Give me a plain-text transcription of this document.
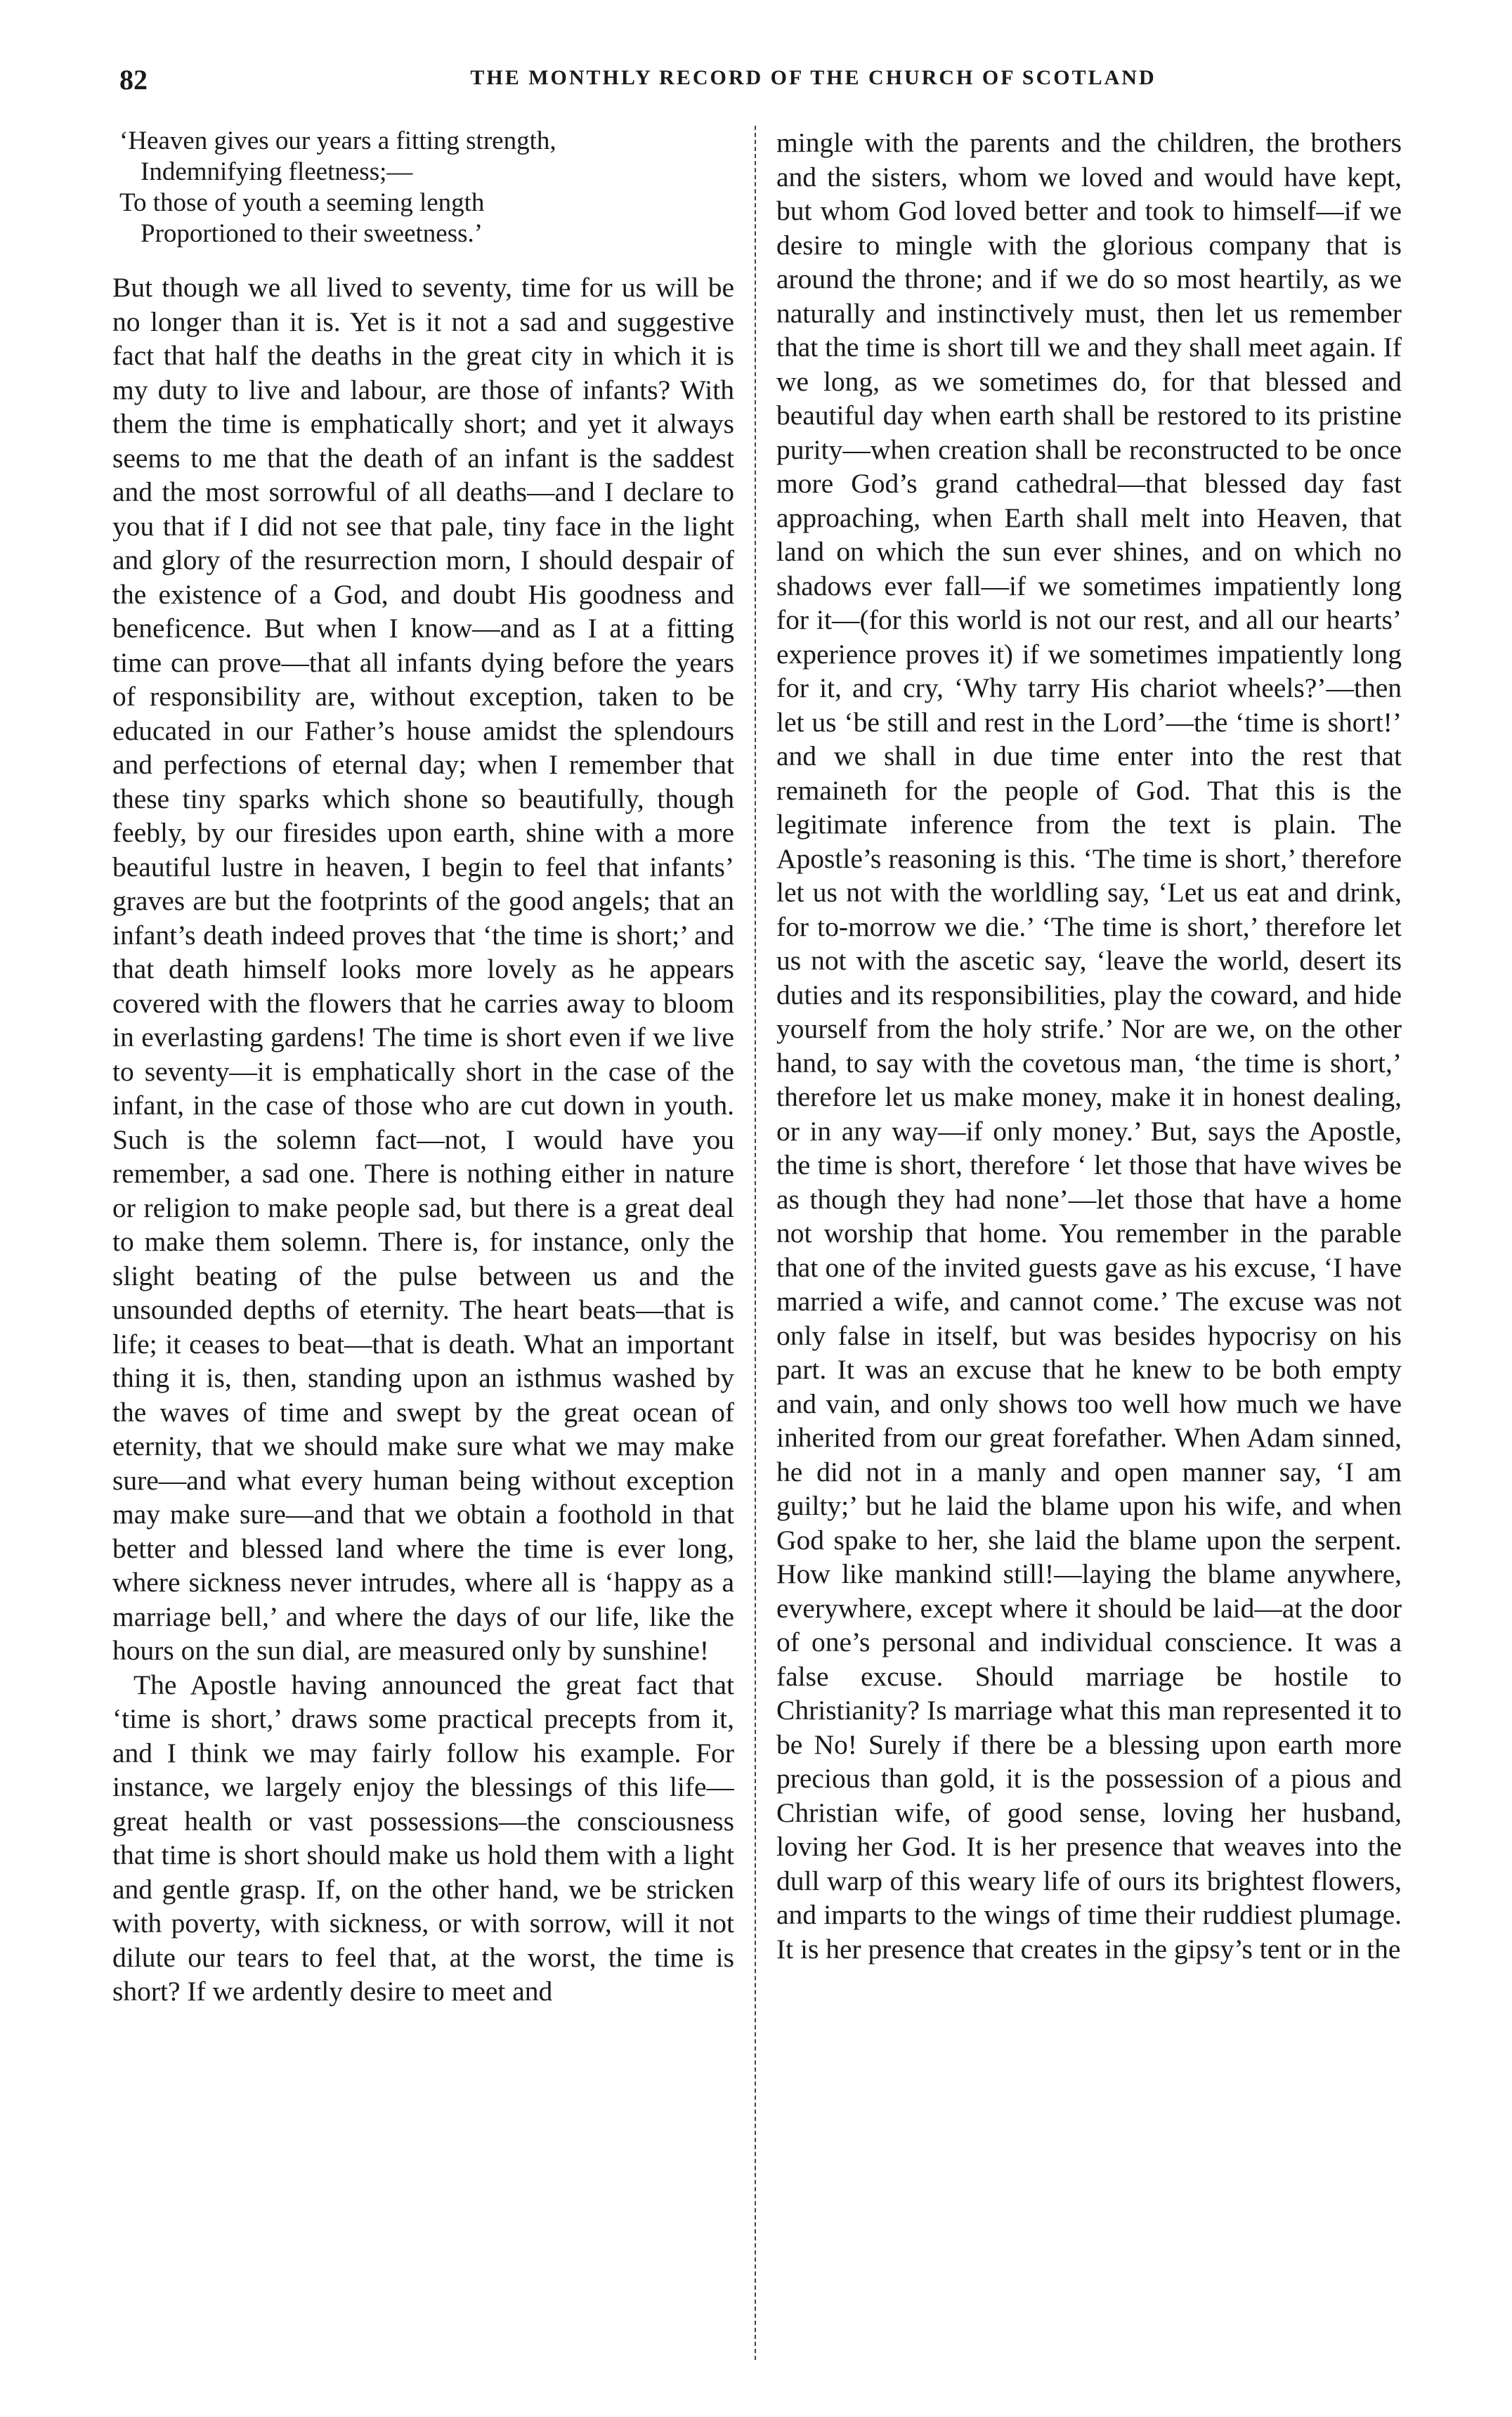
82	THE MONTHLY RECORD OF THE CHURCH OF SCOTLAND
‘Heaven gives our years a fitting strength,
Indemnifying fleetness;—
To those of youth a seeming length
Proportioned to their sweetness.’

But though we all lived to seventy, time for us will be no longer than it is. Yet is it not a sad and suggestive fact that half the deaths in the great city in which it is my duty to live and labour, are those of infants? With them the time is emphatically short; and yet it always seems to me that the death of an infant is the saddest and the most sorrowful of all deaths—and I declare to you that if I did not see that pale, tiny face in the light and glory of the resurrection morn, I should despair of the existence of a God, and doubt His goodness and beneficence. But when I know—and as I at a fitting time can prove—that all infants dying before the years of responsibility are, without exception, taken to be educated in our Father’s house amidst the splendours and perfections of eternal day; when I remember that these tiny sparks which shone so beautifully, though feebly, by our firesides upon earth, shine with a more beautiful lustre in heaven, I begin to feel that infants’ graves are but the footprints of the good angels; that an infant’s death indeed proves that ‘the time is short;’ and that death himself looks more lovely as he appears covered with the flowers that he carries away to bloom in everlasting gardens! The time is short even if we live to seventy—it is emphatically short in the case of the infant, in the case of those who are cut down in youth. Such is the solemn fact—not, I would have you remember, a sad one. There is nothing either in nature or religion to make people sad, but there is a great deal to make them solemn. There is, for instance, only the slight beating of the pulse between us and the unsounded depths of eternity. The heart beats—that is life; it ceases to beat—that is death. What an important thing it is, then, standing upon an isthmus washed by the waves of time and swept by the great ocean of eternity, that we should make sure what we may make sure—and what every human being without exception may make sure—and that we obtain a foothold in that better and blessed land where the time is ever long, where sickness never intrudes, where all is ‘happy as a marriage bell,’ and where the days of our life, like the hours on the sun dial, are measured only by sunshine!

The Apostle having announced the great fact that ‘time is short,’ draws some practical precepts from it, and I think we may fairly follow his example. For instance, we largely enjoy the blessings of this life—great health or vast possessions—the consciousness that time is short should make us hold them with a light and gentle grasp. If, on the other hand, we be stricken with poverty, with sickness, or with sorrow, will it not dilute our tears to feel that, at the worst, the time is short? If we ardently desire to meet and

mingle with the parents and the children, the brothers and the sisters, whom we loved and would have kept, but whom God loved better and took to himself—if we desire to mingle with the glorious company that is around the throne; and if we do so most heartily, as we naturally and instinctively must, then let us remember that the time is short till we and they shall meet again. If we long, as we sometimes do, for that blessed and beautiful day when earth shall be restored to its pristine purity—when creation shall be reconstructed to be once more God’s grand cathedral—that blessed day fast approaching, when Earth shall melt into Heaven, that land on which the sun ever shines, and on which no shadows ever fall—if we sometimes impatiently long for it—(for this world is not our rest, and all our hearts’ experience proves it) if we sometimes impatiently long for it, and cry, ‘Why tarry His chariot wheels?’—then let us ‘be still and rest in the Lord’—the ‘time is short!’ and we shall in due time enter into the rest that remaineth for the people of God. That this is the legitimate inference from the text is plain. The Apostle’s reasoning is this. ‘The time is short,’ therefore let us not with the worldling say, ‘Let us eat and drink, for to-morrow we die.’ ‘The time is short,’ therefore let us not with the ascetic say, ‘leave the world, desert its duties and its responsibilities, play the coward, and hide yourself from the holy strife.’ Nor are we, on the other hand, to say with the covetous man, ‘the time is short,’ therefore let us make money, make it in honest dealing, or in any way—if only money.’ But, says the Apostle, the time is short, therefore ‘ let those that have wives be as though they had none’—let those that have a home not worship that home. You remember in the parable that one of the invited guests gave as his excuse, ‘I have married a wife, and cannot come.’ The excuse was not only false in itself, but was besides hypocrisy on his part. It was an excuse that he knew to be both empty and vain, and only shows too well how much we have inherited from our great forefather. When Adam sinned, he did not in a manly and open manner say, ‘I am guilty;’ but he laid the blame upon his wife, and when God spake to her, she laid the blame upon the serpent. How like mankind still!—laying the blame anywhere, everywhere, except where it should be laid—at the door of one’s personal and individual conscience. It was a false excuse. Should marriage be hostile to Christianity? Is marriage what this man represented it to be No! Surely if there be a blessing upon earth more precious than gold, it is the possession of a pious and Christian wife, of good sense, loving her husband, loving her God. It is her presence that weaves into the dull warp of this weary life of ours its brightest flowers, and imparts to the wings of time their ruddiest plumage. It is her presence that creates in the gipsy’s tent or in the
